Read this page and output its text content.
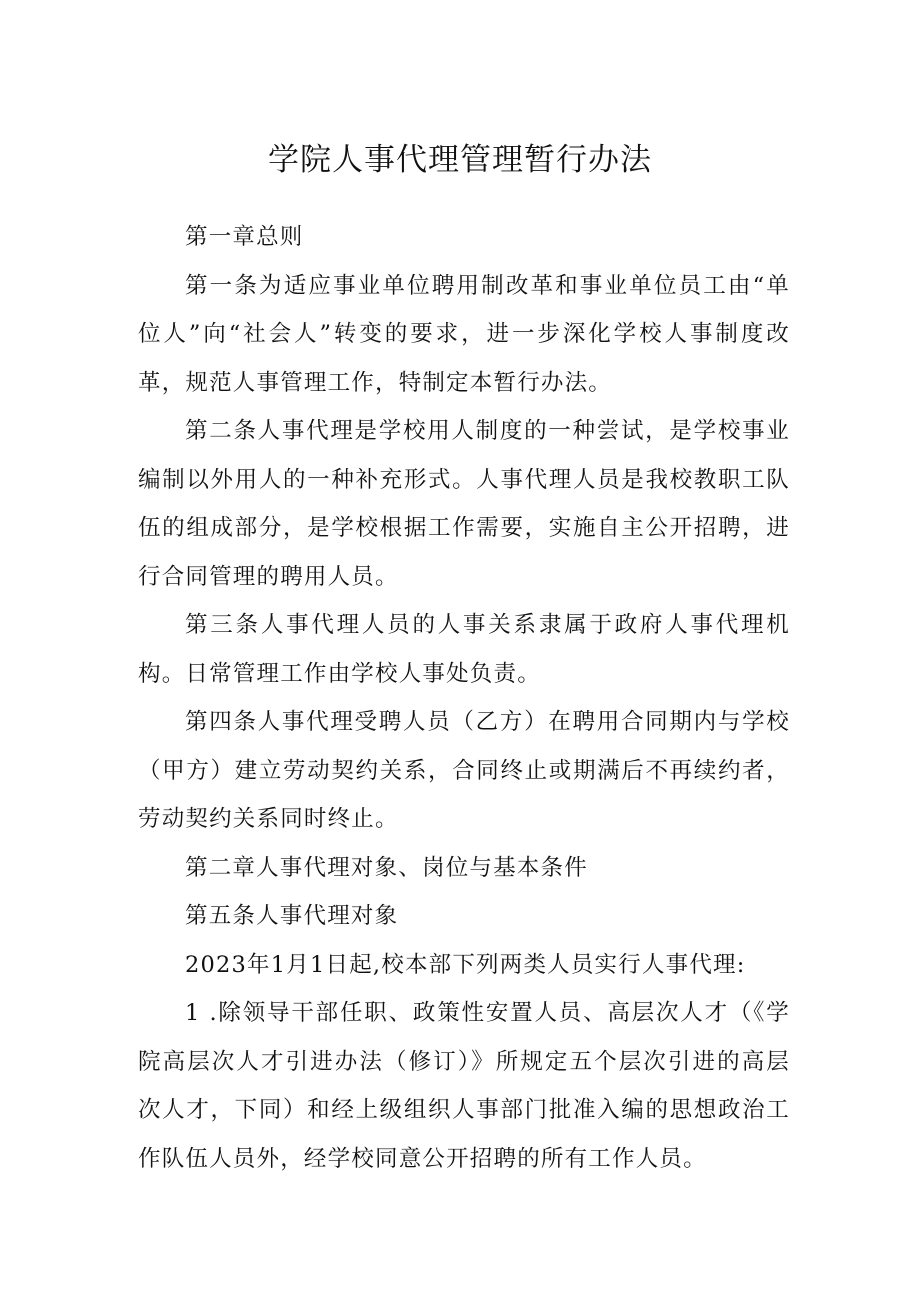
学院人事代理管理暂行办法

第一章总则

第一条为适应事业单位聘用制改革和事业单位员工由“单位人”向“社会人”转变的要求，进一步深化学校人事制度改革，规范人事管理工作，特制定本暂行办法。

第二条人事代理是学校用人制度的一种尝试，是学校事业编制以外用人的一种补充形式。人事代理人员是我校教职工队伍的组成部分，是学校根据工作需要，实施自主公开招聘，进行合同管理的聘用人员。

第三条人事代理人员的人事关系隶属于政府人事代理机构。日常管理工作由学校人事处负责。

第四条人事代理受聘人员（乙方）在聘用合同期内与学校（甲方）建立劳动契约关系，合同终止或期满后不再续约者，劳动契约关系同时终止。

第二章人事代理对象、岗位与基本条件

第五条人事代理对象

2023年1月1日起,校本部下列两类人员实行人事代理:

1 .除领导干部任职、政策性安置人员、高层次人才（《学院高层次人才引进办法（修订）》所规定五个层次引进的高层次人才，下同）和经上级组织人事部门批准入编的思想政治工作队伍人员外，经学校同意公开招聘的所有工作人员。
